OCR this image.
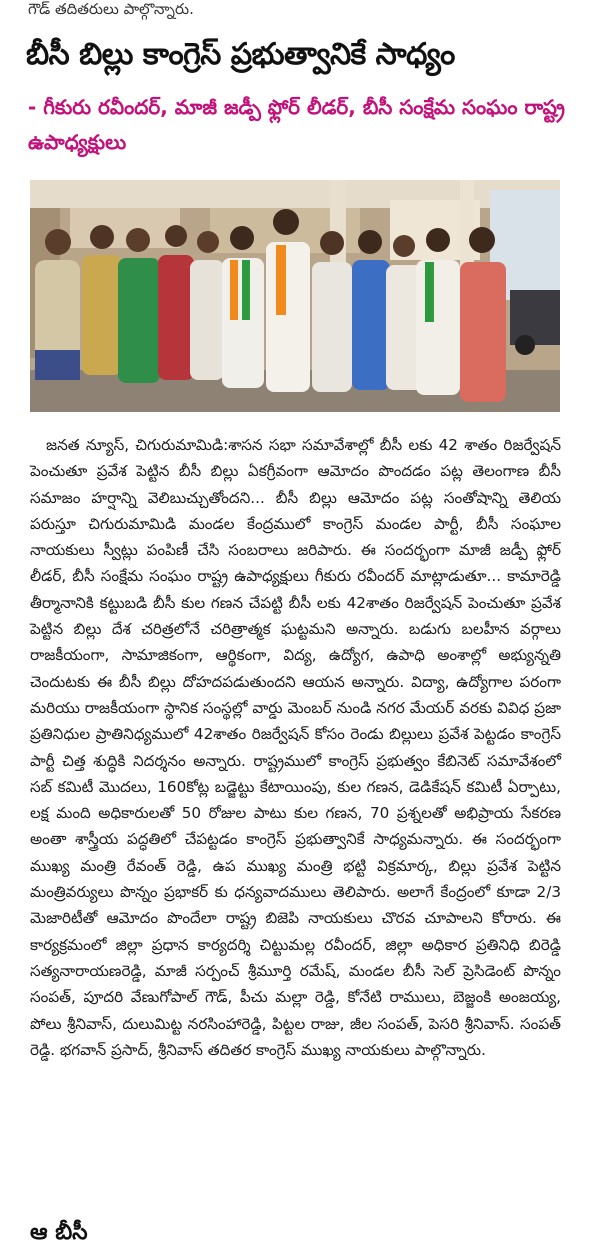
గౌడ్ తదితరులు పాల్గొన్నారు.
బీసీ బిల్లు కాంగ్రెస్ ప్రభుత్వానికే సాధ్యం
- గీకురు రవీందర్, మాజీ జడ్పీ ఫ్లోర్ లీడర్, బీసీ సంక్షేమ సంఘం రాష్ట్ర ఉపాధ్యక్షులు
జనత న్యూస్, చిగురుమామిడి:శాసన సభా సమావేశాల్లో బీసీ లకు 42 శాతం రిజర్వేషన్ పెంచుతూ ప్రవేశ పెట్టిన బీసీ బిల్లు ఏకగ్రీవంగా ఆమోదం పొందడం పట్ల తెలంగాణ బీసీ సమాజం హర్షాన్ని వెలిబుచ్చుతోందని... బీసీ బిల్లు ఆమోదం పట్ల సంతోషాన్ని తెలియ పరుస్తూ చిగురుమామిడి మండల కేంద్రములో కాంగ్రెస్ మండల పార్టీ, బీసీ సంఘాల నాయకులు స్వీట్లు పంపిణీ చేసి సంబరాలు జరిపారు. ఈ సందర్భంగా మాజీ జడ్పీ ఫ్లోర్ లీడర్, బీసీ సంక్షేమ సంఘం రాష్ట్ర ఉపాధ్యక్షులు గీకురు రవీందర్ మాట్లాడుతూ... కామారెడ్డి తీర్మానానికి కట్టుబడి బీసీ కుల గణన చేపట్టి బీసీ లకు 42శాతం రిజర్వేషన్ పెంచుతూ ప్రవేశ పెట్టిన బిల్లు దేశ చరిత్రలోనే చరిత్రాత్మక ఘట్టమని అన్నారు. బడుగు బలహీన వర్గాలు రాజకీయంగా, సామాజికంగా, ఆర్థికంగా, విద్య, ఉద్యోగ, ఉపాధి అంశాల్లో అభ్యున్నతి చెందుటకు ఈ బీసీ బిల్లు దోహదపడుతుందని ఆయన అన్నారు. విద్యా, ఉద్యోగాల పరంగా మరియు రాజకీయంగా స్థానిక సంస్థల్లో వార్డు మెంబర్ నుండి నగర మేయర్ వరకు వివిధ ప్రజా ప్రతినిధుల ప్రాతినిధ్యములో 42శాతం రిజర్వేషన్ కోసం రెండు బిల్లులు ప్రవేశ పెట్టడం కాంగ్రెస్ పార్టీ చిత్త శుద్ధికి నిదర్శనం అన్నారు. రాష్ట్రములో కాంగ్రెస్ ప్రభుత్వం కేబినెట్ సమావేశంలో సబ్ కమిటీ మొదలు, 160కోట్ల బడ్జెట్టు కేటాయింపు, కుల గణన, డెడికేషన్ కమిటీ ఏర్పాటు, లక్ష మంది అధికారులతో 50 రోజుల పాటు కుల గణన, 70 ప్రశ్నలతో అభిప్రాయ సేకరణ అంతా శాస్త్రీయ పద్ధతిలో చేపట్టడం కాంగ్రెస్ ప్రభుత్వానికే సాధ్యమన్నారు. ఈ సందర్భంగా ముఖ్య మంత్రి రేవంత్ రెడ్డి, ఉప ముఖ్య మంత్రి భట్టి విక్రమార్క, బిల్లు ప్రవేశ పెట్టిన మంత్రివర్యులు పొన్నం ప్రభాకర్ కు ధన్యవాదములు తెలిపారు. అలాగే కేంద్రంలో కూడా 2/3 మెజారిటీతో ఆమోదం పొందేలా రాష్ట్ర బిజెపి నాయకులు చొరవ చూపాలని కోరారు. ఈ కార్యక్రమంలో జిల్లా ప్రధాన కార్యదర్శి చిట్టుమల్ల రవీందర్, జిల్లా అధికార ప్రతినిధి బిరెడ్డి సత్యనారాయణరెడ్డి, మాజీ సర్పంచ్ శ్రీమూర్తి రమేష్, మండల బీసీ సెల్ ప్రెసిడెంట్ పొన్నం సంపత్, పూదరి వేణుగోపాల్ గౌడ్, పీచు మల్లా రెడ్డి, కోనేటి రాములు, బెజ్జంకి అంజయ్య, పోలు శ్రీనివాస్, దులుమిట్ట నరసింహారెడ్డి, పిట్టల రాజు, జీల సంపత్, పెసరి శ్రీనివాస్. సంపత్ రెడ్డి. భగవాన్ ప్రసాద్, శ్రీనివాస్ తదితర కాంగ్రెస్ ముఖ్య నాయకులు పాల్గొన్నారు.
ఆ బీసీ
